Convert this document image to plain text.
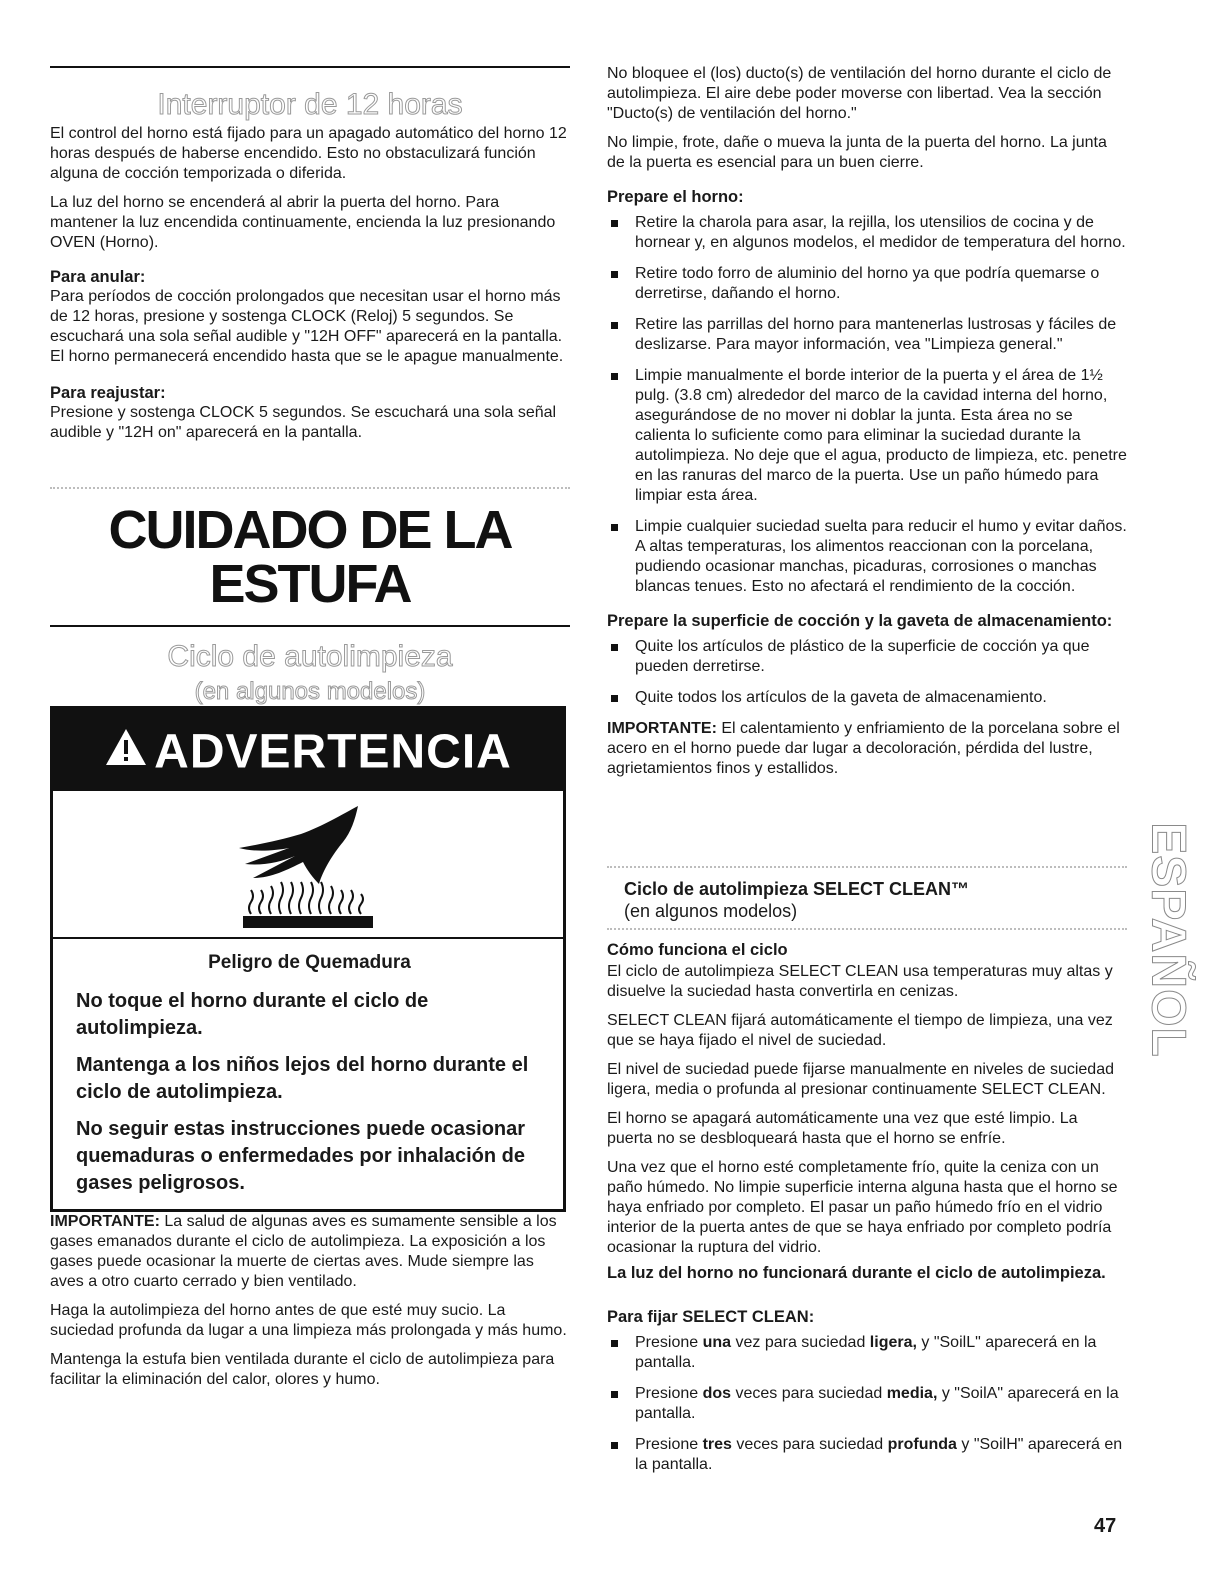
Interruptor de 12 horas

El control del horno está fijado para un apagado automático del horno 12 horas después de haberse encendido. Esto no obstaculizará función alguna de cocción temporizada o diferida.

La luz del horno se encenderá al abrir la puerta del horno. Para mantener la luz encendida continuamente, encienda la luz presionando OVEN (Horno).

Para anular:

Para períodos de cocción prolongados que necesitan usar el horno más de 12 horas, presione y sostenga CLOCK (Reloj) 5 segundos. Se escuchará una sola señal audible y "12H OFF" aparecerá en la pantalla. El horno permanecerá encendido hasta que se le apague manualmente.

Para reajustar:

Presione y sostenga CLOCK 5 segundos. Se escuchará una sola señal audible y "12H on" aparecerá en la pantalla.

CUIDADO DE LA
ESTUFA
Ciclo de autolimpieza
(en algunos modelos)
ADVERTENCIA

Peligro de Quemadura

No toque el horno durante el ciclo de autolimpieza.

Mantenga a los niños lejos del horno durante el ciclo de autolimpieza.

No seguir estas instrucciones puede ocasionar quemaduras o enfermedades por inhalación de gases peligrosos.

IMPORTANTE: La salud de algunas aves es sumamente sensible a los gases emanados durante el ciclo de autolimpieza. La exposición a los gases puede ocasionar la muerte de ciertas aves. Mude siempre las aves a otro cuarto cerrado y bien ventilado.

Haga la autolimpieza del horno antes de que esté muy sucio. La suciedad profunda da lugar a una limpieza más prolongada y más humo.

Mantenga la estufa bien ventilada durante el ciclo de autolimpieza para facilitar la eliminación del calor, olores y humo.

No bloquee el (los) ducto(s) de ventilación del horno durante el ciclo de autolimpieza. El aire debe poder moverse con libertad. Vea la sección "Ducto(s) de ventilación del horno."

No limpie, frote, dañe o mueva la junta de la puerta del horno. La junta de la puerta es esencial para un buen cierre.

Prepare el horno:

Retire la charola para asar, la rejilla, los utensilios de cocina y de hornear y, en algunos modelos, el medidor de temperatura del horno.
Retire todo forro de aluminio del horno ya que podría quemarse o derretirse, dañando el horno.
Retire las parrillas del horno para mantenerlas lustrosas y fáciles de deslizarse. Para mayor información, vea "Limpieza general."
Limpie manualmente el borde interior de la puerta y el área de 1½ pulg. (3.8 cm) alrededor del marco de la cavidad interna del horno, asegurándose de no mover ni doblar la junta. Esta área no se calienta lo suficiente como para eliminar la suciedad durante la autolimpieza. No deje que el agua, producto de limpieza, etc. penetre en las ranuras del marco de la puerta. Use un paño húmedo para limpiar esta área.
Limpie cualquier suciedad suelta para reducir el humo y evitar daños. A altas temperaturas, los alimentos reaccionan con la porcelana, pudiendo ocasionar manchas, picaduras, corrosiones o manchas blancas tenues. Esto no afectará el rendimiento de la cocción.

Prepare la superficie de cocción y la gaveta de almacenamiento:

Quite los artículos de plástico de la superficie de cocción ya que pueden derretirse.
Quite todos los artículos de la gaveta de almacenamiento.

IMPORTANTE: El calentamiento y enfriamiento de la porcelana sobre el acero en el horno puede dar lugar a decoloración, pérdida del lustre, agrietamientos finos y estallidos.

Ciclo de autolimpieza SELECT CLEAN™
(en algunos modelos)

Cómo funciona el ciclo

El ciclo de autolimpieza SELECT CLEAN usa temperaturas muy altas y disuelve la suciedad hasta convertirla en cenizas.

SELECT CLEAN fijará automáticamente el tiempo de limpieza, una vez que se haya fijado el nivel de suciedad.

El nivel de suciedad puede fijarse manualmente en niveles de suciedad ligera, media o profunda al presionar continuamente SELECT CLEAN.

El horno se apagará automáticamente una vez que esté limpio. La puerta no se desbloqueará hasta que el horno se enfríe.

Una vez que el horno esté completamente frío, quite la ceniza con un paño húmedo. No limpie superficie interna alguna hasta que el horno se haya enfriado por completo. El pasar un paño húmedo frío en el vidrio interior de la puerta antes de que se haya enfriado por completo podría ocasionar la ruptura del vidrio.

La luz del horno no funcionará durante el ciclo de autolimpieza.

Para fijar SELECT CLEAN:

Presione una vez para suciedad ligera, y "SoilL" aparecerá en la pantalla.
Presione dos veces para suciedad media, y "SoilA" aparecerá en la pantalla.
Presione tres veces para suciedad profunda y "SoilH" aparecerá en la pantalla.
ESPAÑOL
47
